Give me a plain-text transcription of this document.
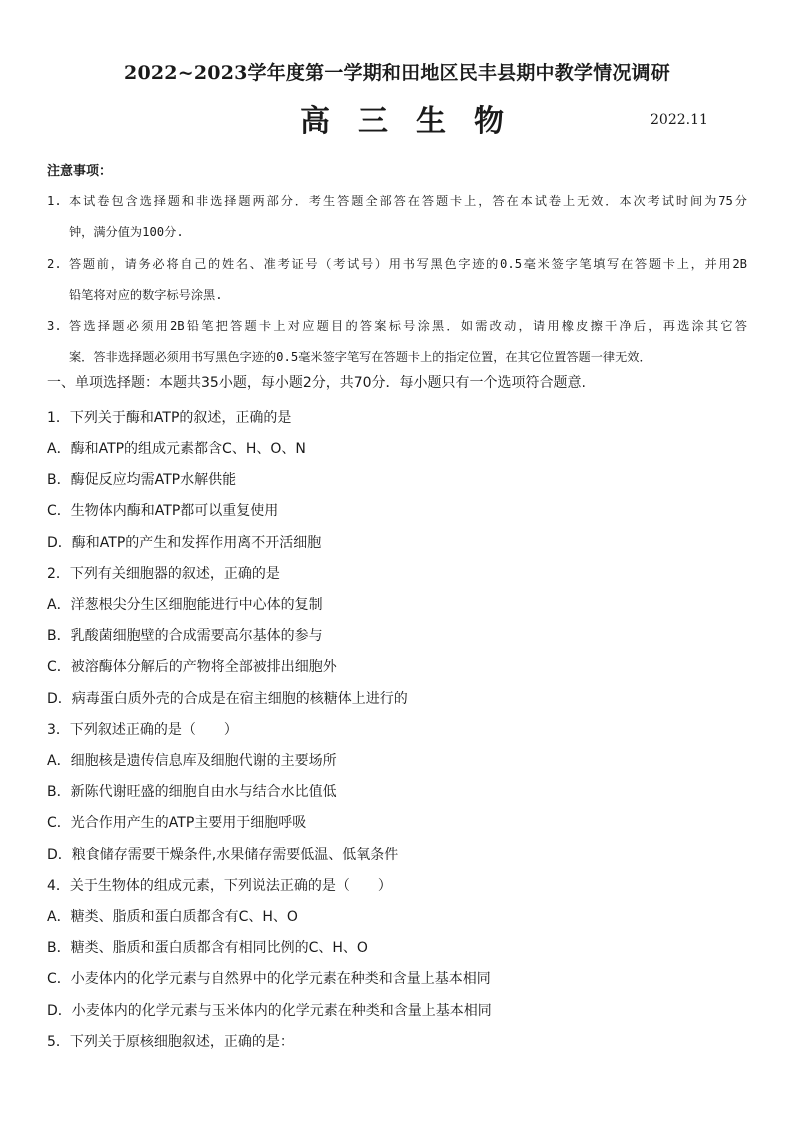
2022~2023学年度第一学期和田地区民丰县期中教学情况调研
高三生物	2022.11
注意事项：
1. 本试卷包含选择题和非选择题两部分．考生答题全部答在答题卡上，答在本试卷上无效．本次考试时间为75分
钟，满分值为100分.
2. 答题前，请务必将自己的姓名、准考证号（考试号）用书写黑色字迹的0.5毫米签字笔填写在答题卡上，并用2B
铅笔将对应的数字标号涂黑.
3. 答选择题必须用2B铅笔把答题卡上对应题目的答案标号涂黑．如需改动，请用橡皮擦干净后，再选涂其它答
案．答非选择题必须用书写黑色字迹的0.5毫米签字笔写在答题卡上的指定位置，在其它位置答题一律无效．
一、单项选择题：本题共35小题，每小题2分，共70分．每小题只有一个选项符合题意.
1．下列关于酶和ATP的叙述，正确的是
A．酶和ATP的组成元素都含C、H、O、N
B．酶促反应均需ATP水解供能
C．生物体内酶和ATP都可以重复使用
D．酶和ATP的产生和发挥作用离不开活细胞
2．下列有关细胞器的叙述，正确的是
A．洋葱根尖分生区细胞能进行中心体的复制
B．乳酸菌细胞壁的合成需要高尔基体的参与
C．被溶酶体分解后的产物将全部被排出细胞外
D．病毒蛋白质外壳的合成是在宿主细胞的核糖体上进行的
3．下列叙述正确的是（　　）
A．细胞核是遗传信息库及细胞代谢的主要场所
B．新陈代谢旺盛的细胞自由水与结合水比值低
C．光合作用产生的ATP主要用于细胞呼吸
D．粮食储存需要干燥条件,水果储存需要低温、低氧条件
4．关于生物体的组成元素，下列说法正确的是（　　）
A．糖类、脂质和蛋白质都含有C、H、O
B．糖类、脂质和蛋白质都含有相同比例的C、H、O
C．小麦体内的化学元素与自然界中的化学元素在种类和含量上基本相同
D．小麦体内的化学元素与玉米体内的化学元素在种类和含量上基本相同
5．下列关于原核细胞叙述，正确的是：
